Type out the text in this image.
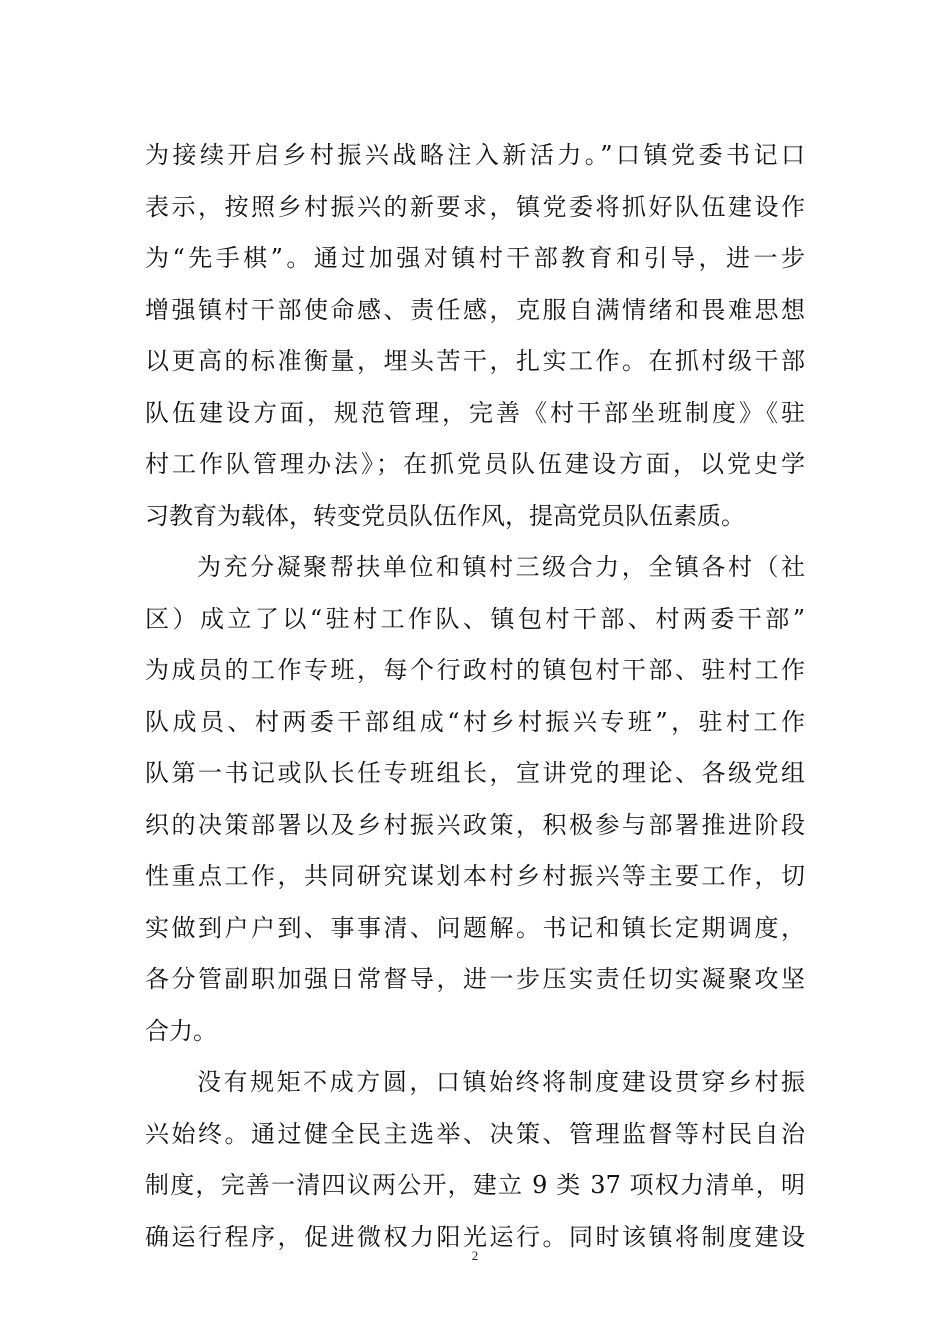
为接续开启乡村振兴战略注入新活力。”口镇党委书记口
表示，按照乡村振兴的新要求，镇党委将抓好队伍建设作
为“先手棋”。通过加强对镇村干部教育和引导，进一步
增强镇村干部使命感、责任感，克服自满情绪和畏难思想
以更高的标准衡量，埋头苦干，扎实工作。在抓村级干部
队伍建设方面，规范管理，完善《村干部坐班制度》《驻
村工作队管理办法》；在抓党员队伍建设方面，以党史学
习教育为载体，转变党员队伍作风，提高党员队伍素质。
为充分凝聚帮扶单位和镇村三级合力，全镇各村（社
区）成立了以“驻村工作队、镇包村干部、村两委干部”
为成员的工作专班，每个行政村的镇包村干部、驻村工作
队成员、村两委干部组成“村乡村振兴专班”，驻村工作
队第一书记或队长任专班组长，宣讲党的理论、各级党组
织的决策部署以及乡村振兴政策，积极参与部署推进阶段
性重点工作，共同研究谋划本村乡村振兴等主要工作，切
实做到户户到、事事清、问题解。书记和镇长定期调度，
各分管副职加强日常督导，进一步压实责任切实凝聚攻坚
合力。
没有规矩不成方圆，口镇始终将制度建设贯穿乡村振
兴始终。通过健全民主选举、决策、管理监督等村民自治
制度，完善一清四议两公开，建立 9 类 37 项权力清单，明
确运行程序，促进微权力阳光运行。同时该镇将制度建设
2
